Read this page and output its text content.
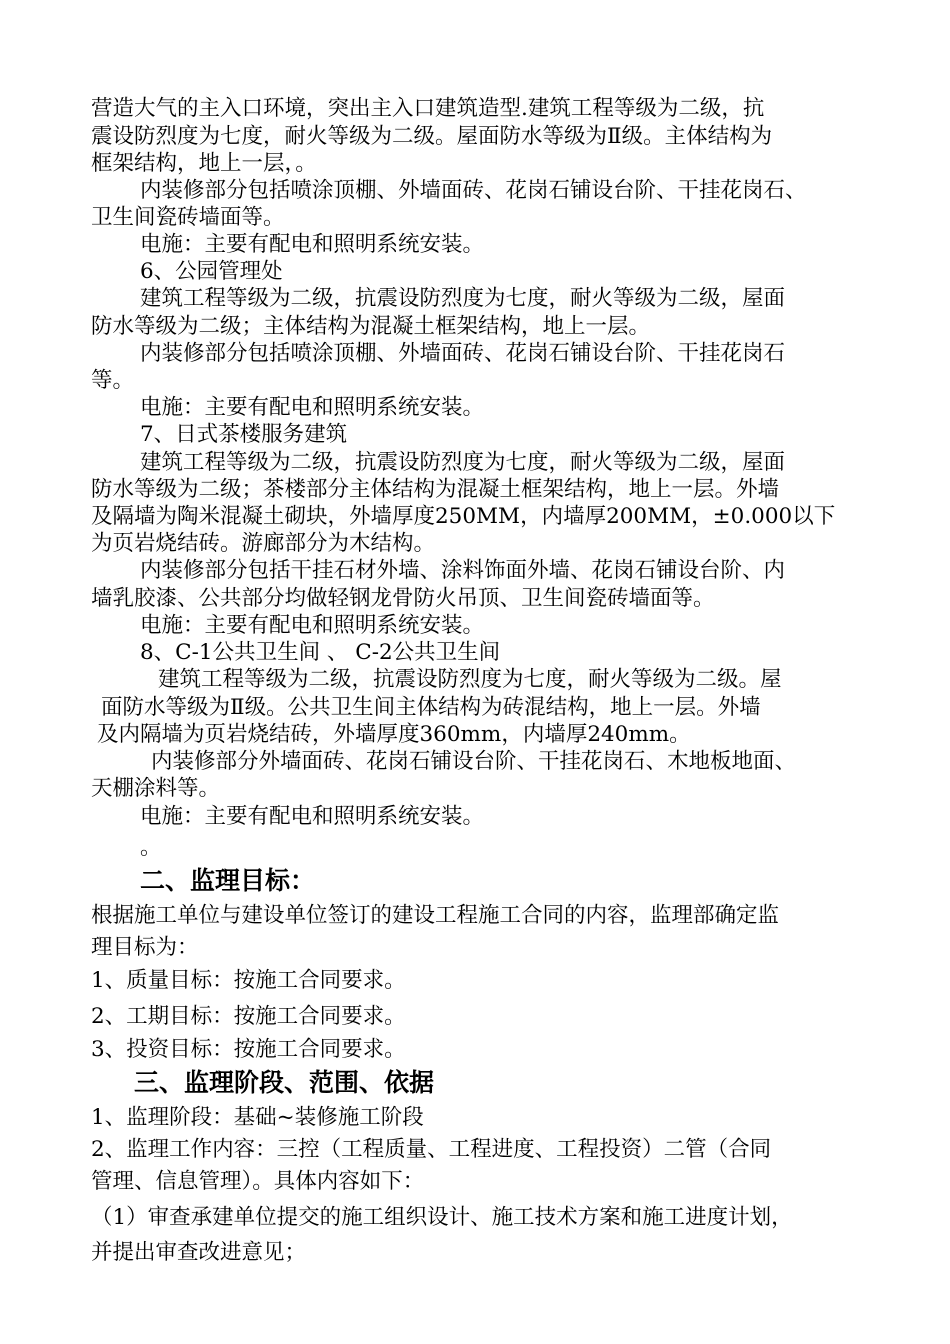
营造大气的主入口环境，突出主入口建筑造型.建筑工程等级为二级，抗
震设防烈度为七度，耐火等级为二级。屋面防水等级为Ⅱ级。主体结构为
框架结构，地上一层，。
内装修部分包括喷涂顶棚、外墙面砖、花岗石铺设台阶、干挂花岗石、
卫生间瓷砖墙面等。
电施：主要有配电和照明系统安装。
6、公园管理处
建筑工程等级为二级，抗震设防烈度为七度，耐火等级为二级，屋面
防水等级为二级；主体结构为混凝土框架结构，地上一层。
内装修部分包括喷涂顶棚、外墙面砖、花岗石铺设台阶、干挂花岗石
等。
电施：主要有配电和照明系统安装。
7、日式茶楼服务建筑
建筑工程等级为二级，抗震设防烈度为七度，耐火等级为二级，屋面
防水等级为二级；茶楼部分主体结构为混凝土框架结构，地上一层。外墙
及隔墙为陶米混凝土砌块，外墙厚度250MM，内墙厚200MM，±0.000以下
为页岩烧结砖。游廊部分为木结构。
内装修部分包括干挂石材外墙、涂料饰面外墙、花岗石铺设台阶、内
墙乳胶漆、公共部分均做轻钢龙骨防火吊顶、卫生间瓷砖墙面等。
电施：主要有配电和照明系统安装。
8、C-1公共卫生间 、 C-2公共卫生间
建筑工程等级为二级，抗震设防烈度为七度，耐火等级为二级。屋
面防水等级为Ⅱ级。公共卫生间主体结构为砖混结构，地上一层。外墙
及内隔墙为页岩烧结砖，外墙厚度360mm，内墙厚240mm。
内装修部分外墙面砖、花岗石铺设台阶、干挂花岗石、木地板地面、
天棚涂料等。
电施：主要有配电和照明系统安装。
。
二、监理目标：
根据施工单位与建设单位签订的建设工程施工合同的内容，监理部确定监
理目标为：
1、质量目标：按施工合同要求。
2、工期目标：按施工合同要求。
3、投资目标：按施工合同要求。
三、监理阶段、范围、依据
1、监理阶段：基础~装修施工阶段
2、监理工作内容：三控（工程质量、工程进度、工程投资）二管（合同
管理、信息管理）。具体内容如下：
（1）审查承建单位提交的施工组织设计、施工技术方案和施工进度计划，
并提出审查改进意见；
